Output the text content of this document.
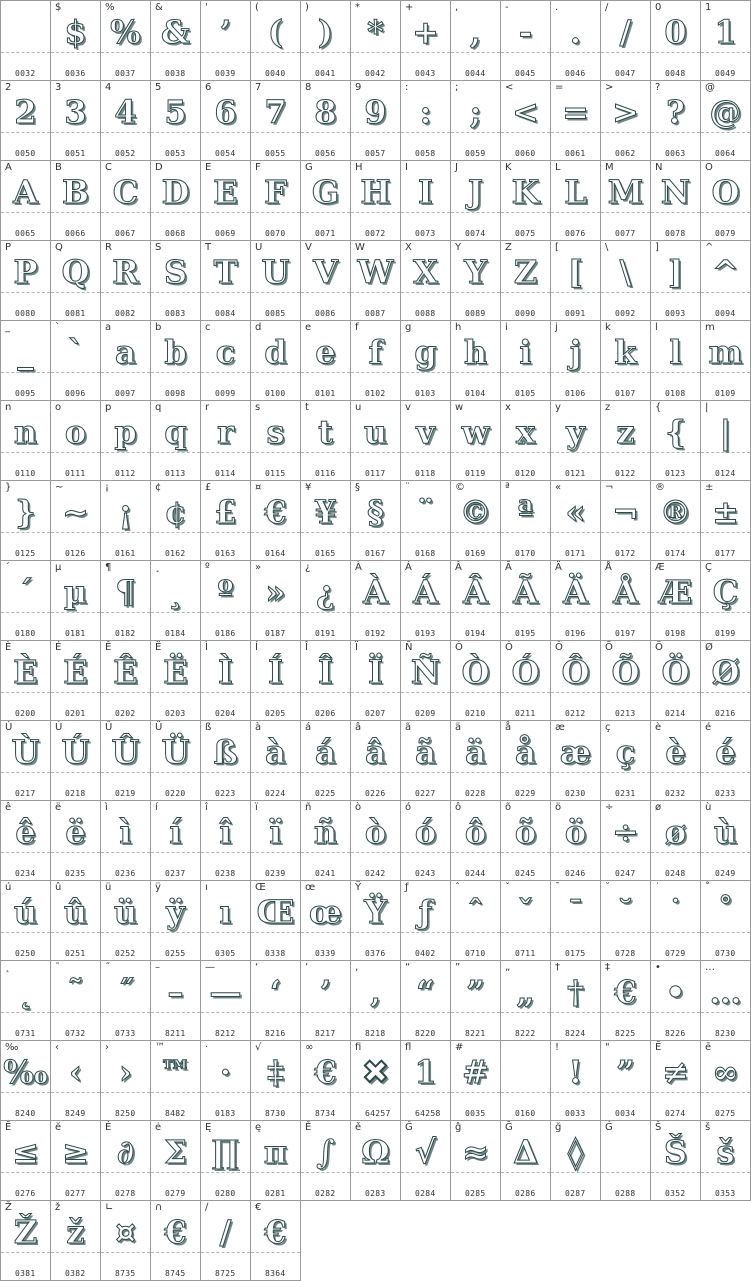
0032
$
$
0036
%
%
0037
&
&
0038
'
’
0039
(
(
0040
)
)
0041
*
*
0042
+
+
0043
,
,
0044
-
-
0045
.
.
0046
/
/
0047
0
0
0048
1
1
0049
2
2
0050
3
3
0051
4
4
0052
5
5
0053
6
6
0054
7
7
0055
8
8
0056
9
9
0057
:
:
0058
;
;
0059
<
<
0060
=
=
0061
>
>
0062
?
?
0063
@
@
0064
A
A
0065
B
B
0066
C
C
0067
D
D
0068
E
E
0069
F
F
0070
G
G
0071
H
H
0072
I
I
0073
J
J
0074
K
K
0075
L
L
0076
M
M
0077
N
N
0078
O
O
0079
P
P
0080
Q
Q
0081
R
R
0082
S
S
0083
T
T
0084
U
U
0085
V
V
0086
W
W
0087
X
X
0088
Y
Y
0089
Z
Z
0090
[
[
0091
\
\
0092
]
]
0093
^
^
0094
_
_
0095
`
`
0096
a
a
0097
b
b
0098
c
c
0099
d
d
0100
e
e
0101
f
f
0102
g
g
0103
h
h
0104
i
i
0105
j
j
0106
k
k
0107
l
l
0108
m
m
0109
n
n
0110
o
o
0111
p
p
0112
q
q
0113
r
r
0114
s
s
0115
t
t
0116
u
u
0117
v
v
0118
w
w
0119
x
x
0120
y
y
0121
z
z
0122
{
{
0123
|
|
0124
}
}
0125
~
~
0126
¡
¡
0161
¢
¢
0162
£
£
0163
¤
€
0164
¥
¥
0165
§
§
0167
¨
¨
0168
©
©
0169
ª
ª
0170
«
«
0171
¬
¬
0172
®
®
0174
±
±
0177
´
´
0180
µ
µ
0181
¶
¶
0182
¸
¸
0184
º
º
0186
»
»
0187
¿
¿
0191
À
À
0192
Á
Á
0193
Â
Â
0194
Ã
Ã
0195
Ä
Ä
0196
Å
Å
0197
Æ
Æ
0198
Ç
Ç
0199
È
È
0200
É
É
0201
Ê
Ê
0202
Ë
Ë
0203
Ì
Ì
0204
Í
Í
0205
Î
Î
0206
Ï
Ï
0207
Ñ
Ñ
0209
Ò
Ò
0210
Ó
Ó
0211
Ô
Ô
0212
Õ
Õ
0213
Ö
Ö
0214
Ø
Ø
0216
Ù
Ù
0217
Ú
Ú
0218
Û
Û
0219
Ü
Ü
0220
ß
ß
0223
à
à
0224
á
á
0225
â
â
0226
ã
ã
0227
ä
ä
0228
å
å
0229
æ
æ
0230
ç
ç
0231
è
è
0232
é
é
0233
ê
ê
0234
ë
ë
0235
ì
ì
0236
í
í
0237
î
î
0238
ï
ï
0239
ñ
ñ
0241
ò
ò
0242
ó
ó
0243
ô
ô
0244
õ
õ
0245
ö
ö
0246
÷
÷
0247
ø
ø
0248
ù
ù
0249
ú
ú
0250
û
û
0251
ü
ü
0252
ÿ
ÿ
0255
ı
ı
0305
Œ
Œ
0338
œ
œ
0339
Ÿ
Ÿ
0376
ƒ
ƒ
0402
ˆ
ˆ
0710
ˇ
ˇ
0711
ˉ
ˉ
0175
˘
˘
0728
˙
˙
0729
˚
˚
0730
˛
˛
0731
˜
˜
0732
˝
˝
0733
–
–
8211
—
—
8212
‘
‘
8216
’
’
8217
‚
‚
8218
“
“
8220
”
”
8221
„
„
8222
†
†
8224
‡
€
8225
•
•
8226
…
…
8230
‰
‰
8240
‹
‹
8249
›
›
8250
™
™
8482
·
·
0183
√
‡
8730
∞
€
8734
ﬁ
✖
64257
ﬂ
1
64258
#
#
0035	0160
!
!
0033
"
”
0034
Ē
≠
0274
ē
∞
0275
Ĕ
≤
0276
ĕ
≥
0277
Ė
∂
0278
ė
Σ
0279
Ę
∏
0280
ę
π
0281
Ě
∫
0282
ě
Ω
0283
Ĝ
√
0284
ĝ
≈
0285
Ğ
∆
0286
ğ
◊
0287
Ġ
0288
Š
Š
0352
š
š
0353
Ž
Ž
0381
ž
ž
0382
∟
¤
8735
∩
€
8745
∕
/
8725
€
€
8364
